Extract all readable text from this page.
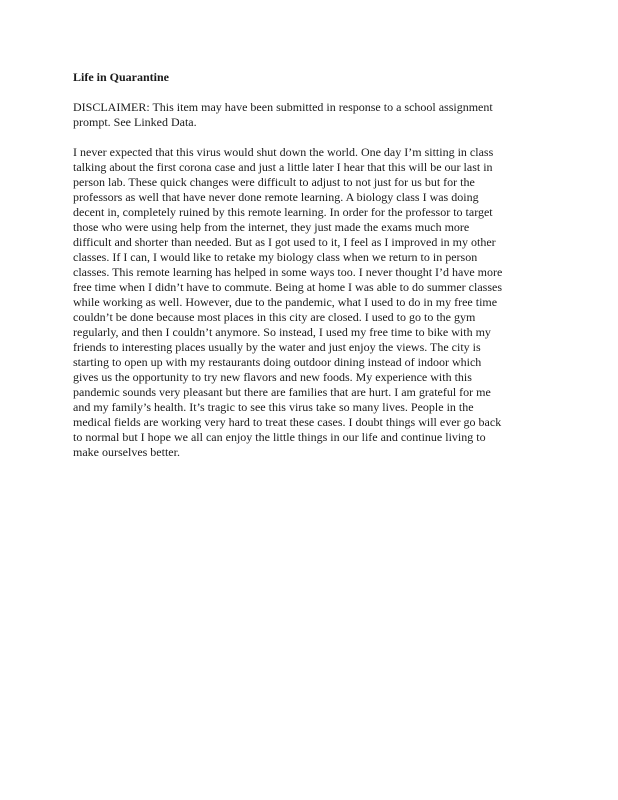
Life in Quarantine
DISCLAIMER: This item may have been submitted in response to a school assignment
prompt. See Linked Data.
I never expected that this virus would shut down the world. One day I’m sitting in class
talking about the first corona case and just a little later I hear that this will be our last in
person lab. These quick changes were difficult to adjust to not just for us but for the
professors as well that have never done remote learning. A biology class I was doing
decent in, completely ruined by this remote learning. In order for the professor to target
those who were using help from the internet, they just made the exams much more
difficult and shorter than needed. But as I got used to it, I feel as I improved in my other
classes. If I can, I would like to retake my biology class when we return to in person
classes. This remote learning has helped in some ways too. I never thought I’d have more
free time when I didn’t have to commute. Being at home I was able to do summer classes
while working as well. However, due to the pandemic, what I used to do in my free time
couldn’t be done because most places in this city are closed. I used to go to the gym
regularly, and then I couldn’t anymore. So instead, I used my free time to bike with my
friends to interesting places usually by the water and just enjoy the views. The city is
starting to open up with my restaurants doing outdoor dining instead of indoor which
gives us the opportunity to try new flavors and new foods. My experience with this
pandemic sounds very pleasant but there are families that are hurt. I am grateful for me
and my family’s health. It’s tragic to see this virus take so many lives. People in the
medical fields are working very hard to treat these cases. I doubt things will ever go back
to normal but I hope we all can enjoy the little things in our life and continue living to
make ourselves better.
